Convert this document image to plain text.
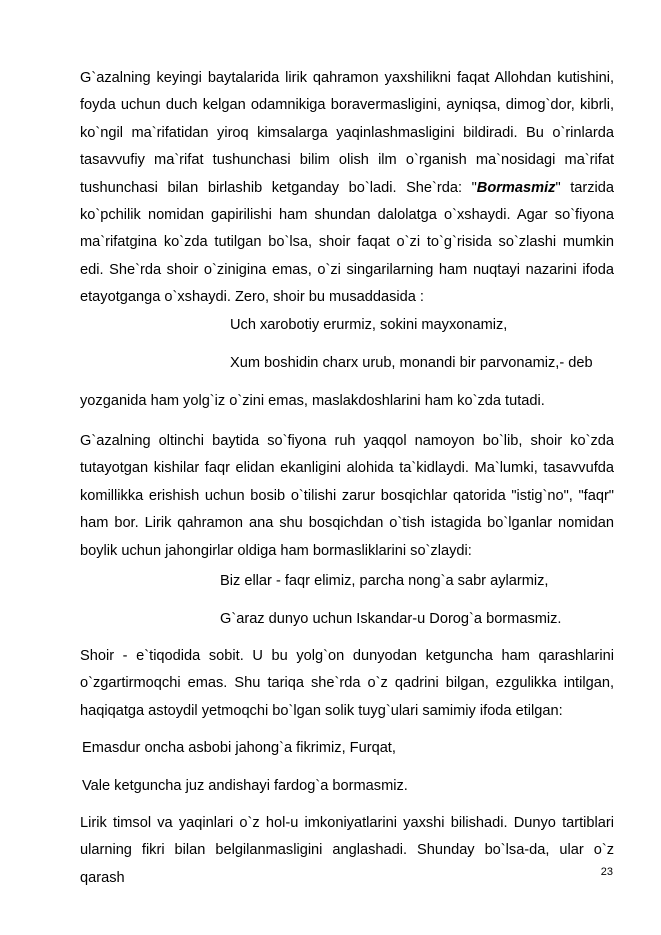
G`azalning keyingi baytalarida lirik qahramon yaxshilikni faqat Allohdan kutishini, foyda uchun duch kelgan odamnikiga boravermasligini, ayniqsa, dimog`dor, kibrli, ko`ngil ma`rifatidan yiroq kimsalarga yaqinlashmasligini bildiradi. Bu o`rinlarda tasavvufiy ma`rifat tushunchasi bilim olish ilm o`rganish ma`nosidagi ma`rifat tushunchasi bilan birlashib ketganday bo`ladi. She`rda: "Bormasmiz" tarzida ko`pchilik nomidan gapirilishi ham shundan dalolatga o`xshaydi. Agar so`fiyona ma`rifatgina ko`zda tutilgan bo`lsa, shoir faqat o`zi to`g`risida so`zlashi mumkin edi. She`rda shoir o`zinigina emas, o`zi singarilarning ham nuqtayi nazarini ifoda etayotganga o`xshaydi. Zero, shoir bu musaddasida :

Uch xarobotiy erurmiz, sokini mayxonamiz,
Xum boshidin charx urub, monandi bir parvonamiz,- deb

yozganida ham yolg`iz o`zini emas, maslakdoshlarini ham ko`zda tutadi.

G`azalning oltinchi baytida so`fiyona ruh yaqqol namoyon bo`lib, shoir ko`zda tutayotgan kishilar faqr elidan ekanligini alohida ta`kidlaydi. Ma`lumki, tasavvufda komillikka erishish uchun bosib o`tilishi zarur bosqichlar qatorida "istig`no", "faqr" ham bor. Lirik qahramon ana shu bosqichdan o`tish istagida bo`lganlar nomidan boylik uchun jahongirlar oldiga ham bormasliklarini so`zlaydi:

Biz ellar - faqr elimiz, parcha nong`a sabr aylarmiz,
G`araz dunyo uchun Iskandar-u Dorog`a bormasmiz.

Shoir - e`tiqodida sobit. U bu yolg`on dunyodan ketguncha ham qarashlarini o`zgartirmoqchi emas. Shu tariqa she`rda o`z qadrini bilgan, ezgulikka intilgan, haqiqatga astoydil yetmoqchi bo`lgan solik tuyg`ulari samimiy ifoda etilgan:

Emasdur oncha asbobi jahong`a fikrimiz, Furqat,
Vale ketguncha juz andishayi fardog`a bormasmiz.

Lirik timsol va yaqinlari o`z hol-u imkoniyatlarini yaxshi bilishadi. Dunyo tartiblari ularning fikri bilan belgilanmasligini anglashadi. Shunday bo`lsa-da, ular o`z qarash	23
